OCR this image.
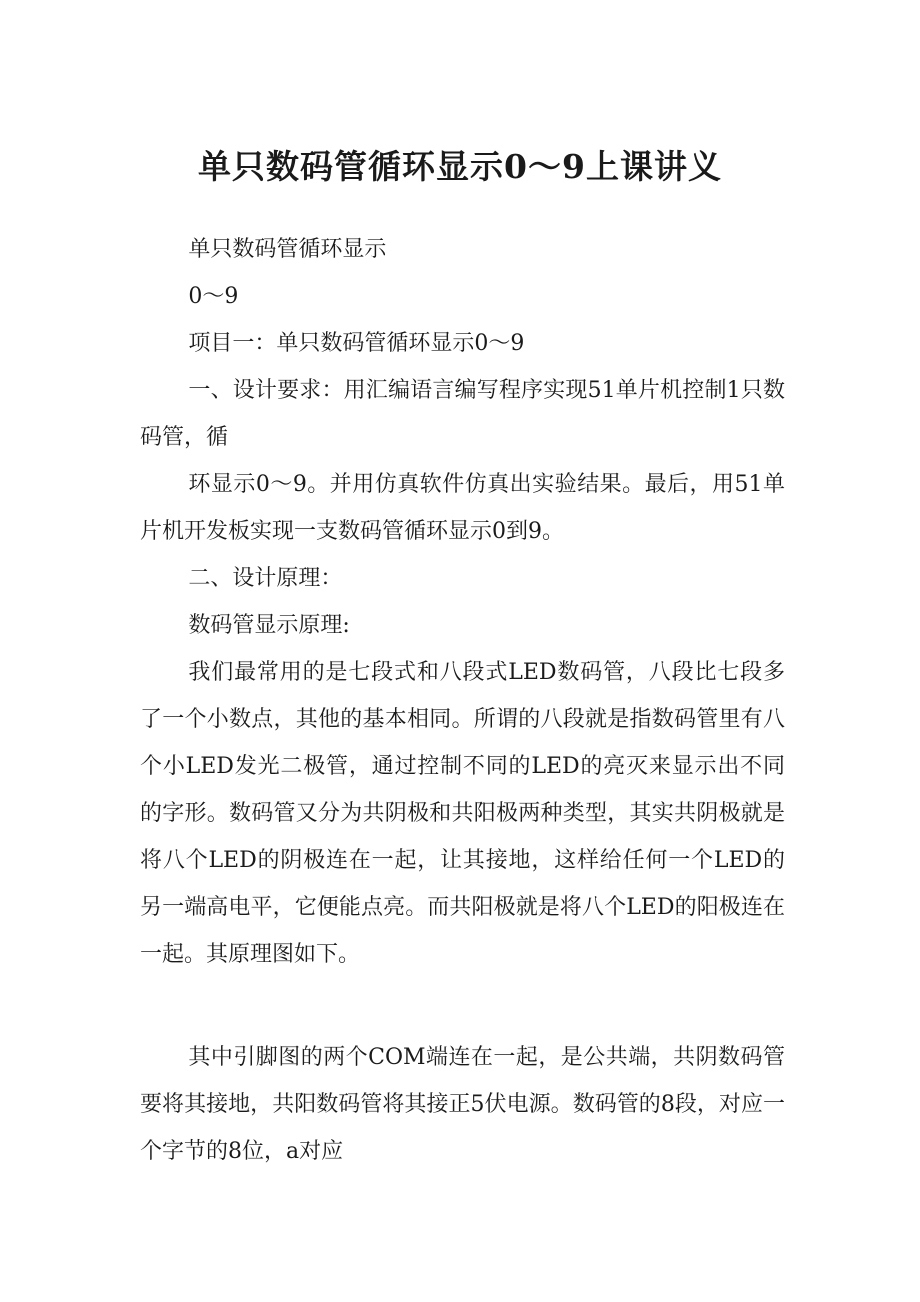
单只数码管循环显示0～9上课讲义

单只数码管循环显示

0～9

项目一：单只数码管循环显示0～9

一、设计要求：用汇编语言编写程序实现51单片机控制1只数码管，循

环显示0～9。并用仿真软件仿真出实验结果。最后，用51单片机开发板实现一支数码管循环显示0到9。

二、设计原理：

数码管显示原理:

我们最常用的是七段式和八段式LED数码管，八段比七段多了一个小数点，其他的基本相同。所谓的八段就是指数码管里有八个小LED发光二极管，通过控制不同的LED的亮灭来显示出不同的字形。数码管又分为共阴极和共阳极两种类型，其实共阴极就是将八个LED的阴极连在一起，让其接地，这样给任何一个LED的另一端高电平，它便能点亮。而共阳极就是将八个LED的阳极连在一起。其原理图如下。

其中引脚图的两个COM端连在一起，是公共端，共阴数码管要将其接地，共阳数码管将其接正5伏电源。数码管的8段，对应一个字节的8位，a对应
